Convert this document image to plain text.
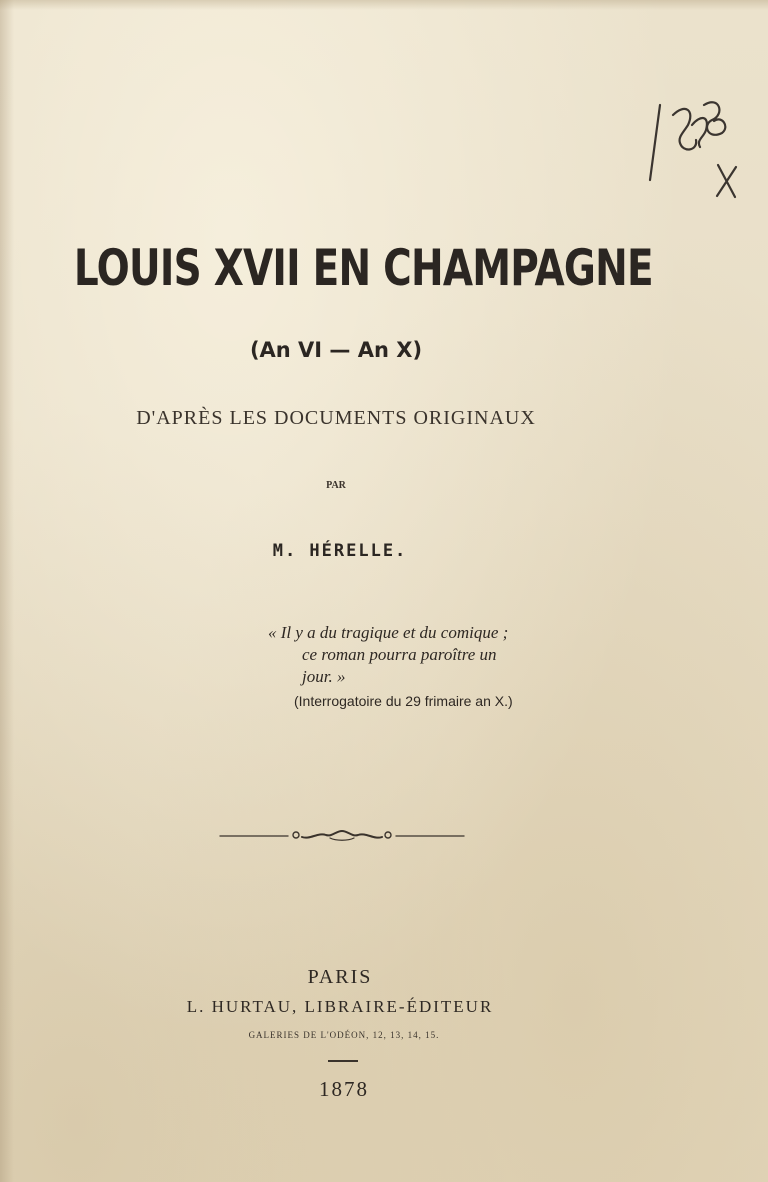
LOUIS XVII EN CHAMPAGNE
(An VI — An X)
D'APRÈS LES DOCUMENTS ORIGINAUX
PAR
M. HÉRELLE.
« Il y a du tragique et du comique ;
ce roman pourra paroître un
jour. »
(Interrogatoire du 29 frimaire an X.)
PARIS
L. HURTAU, LIBRAIRE-ÉDITEUR
GALERIES DE L'ODÉON, 12, 13, 14, 15.
1878
